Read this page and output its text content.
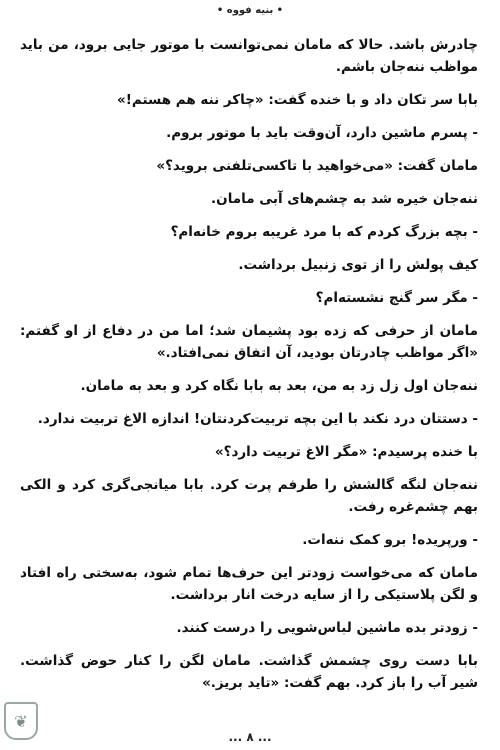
• بنیه فووه •

چادرش باشد. حالا که مامان نمی‌توانست با موتور جایی برود، من باید مواظب ننه‌جان باشم.

بابا سر تکان داد و با خنده گفت: «چاکر ننه هم هستم!»

- پسرم ماشین دارد، آن‌وقت باید با موتور بروم.

مامان گفت: «می‌خواهید با تاکسی‌تلفنی بروید؟»

ننه‌جان خیره شد به چشم‌های آبی مامان.

- بچه بزرگ کردم که با مرد غریبه بروم خانه‌ام؟

کیف پولش را از توی زنبیل برداشت.

- مگر سر گنج نشسته‌ام؟

مامان از حرفی که زده بود پشیمان شد؛ اما من در دفاع از او گفتم: «اگر مواظب چادرتان بودید، آن اتفاق نمی‌افتاد.»

ننه‌جان اول زل زد به من، بعد به بابا نگاه کرد و بعد به مامان.

- دستتان درد نکند با این بچه تربیت‌کردنتان! اندازه الاغ تربیت ندارد.

با خنده پرسیدم: «مگر الاغ تربیت دارد؟»

ننه‌جان لنگه گالشش را طرفم پرت کرد. بابا میانجی‌گری کرد و الکی بهم چشم‌غره رفت.

- ورپریده! برو کمک ننه‌ات.

مامان که می‌خواست زودتر این حرف‌ها تمام شود، به‌سختی راه افتاد و لگن پلاستیکی را از سایه درخت انار برداشت.

- زودتر بده ماشین لباس‌شویی را درست کنند.

بابا دست روی چشمش گذاشت. مامان لگن را کنار حوض گذاشت. شیر آب را باز کرد. بهم گفت: «تاید بریز.»

❦
... ۸ ...
